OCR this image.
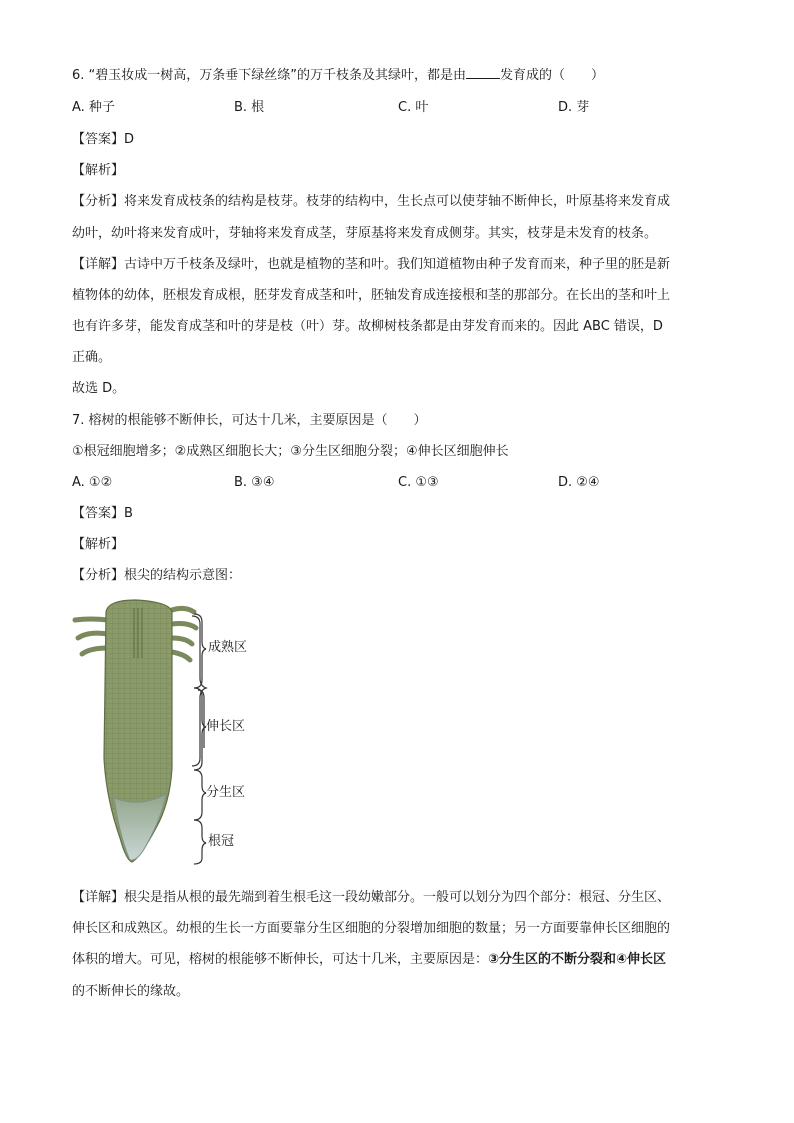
6. “碧玉妆成一树高，万条垂下绿丝绦”的万千枝条及其绿叶，都是由	发育成的（　　）
A. 种子	B. 根	C. 叶	D. 芽
【答案】D
【解析】
【分析】将来发育成枝条的结构是枝芽。枝芽的结构中，生长点可以使芽轴不断伸长，叶原基将来发育成
幼叶，幼叶将来发育成叶，芽轴将来发育成茎，芽原基将来发育成侧芽。其实，枝芽是未发育的枝条。
【详解】古诗中万千枝条及绿叶，也就是植物的茎和叶。我们知道植物由种子发育而来，种子里的胚是新
植物体的幼体，胚根发育成根，胚芽发育成茎和叶，胚轴发育成连接根和茎的那部分。在长出的茎和叶上
也有许多芽，能发育成茎和叶的芽是枝（叶）芽。故柳树枝条都是由芽发育而来的。因此 ABC 错误，D
正确。
故选 D。
7. 榕树的根能够不断伸长，可达十几米，主要原因是（　　）
①根冠细胞增多；②成熟区细胞长大；③分生区细胞分裂；④伸长区细胞伸长
A. ①②	B. ③④	C. ①③	D. ②④
【答案】B
【解析】
【分析】根尖的结构示意图：
成熟区
伸长区
分生区
根冠
【详解】根尖是指从根的最先端到着生根毛这一段幼嫩部分。一般可以划分为四个部分：根冠、分生区、
伸长区和成熟区。幼根的生长一方面要靠分生区细胞的分裂增加细胞的数量；另一方面要靠伸长区细胞的
体积的增大。可见，榕树的根能够不断伸长，可达十几米，主要原因是：③分生区的不断分裂和④伸长区
的不断伸长的缘故。
